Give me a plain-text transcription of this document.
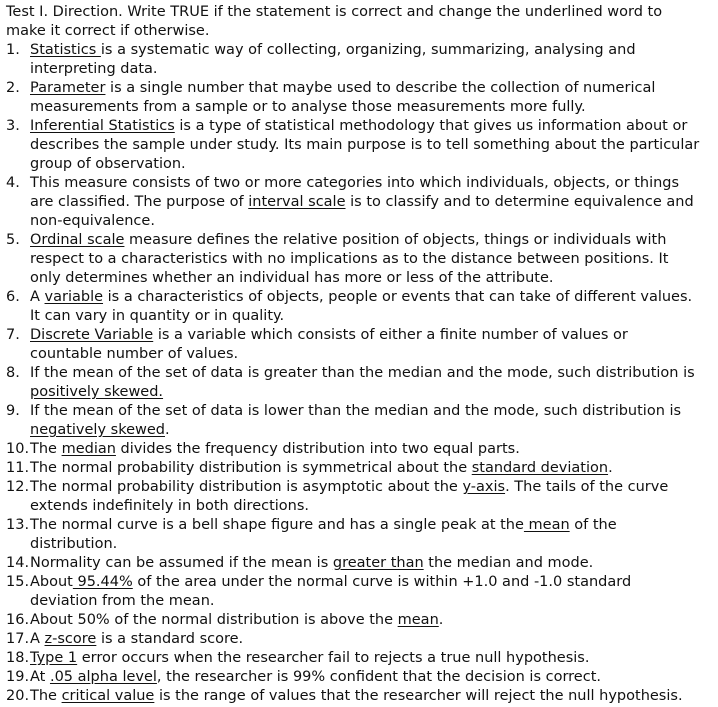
Test I. Direction. Write TRUE if the statement is correct and change the underlined word to make it correct if otherwise.

1. Statistics is a systematic way of collecting, organizing, summarizing, analysing and interpreting data.
2. Parameter is a single number that maybe used to describe the collection of numerical measurements from a sample or to analyse those measurements more fully.
3. Inferential Statistics is a type of statistical methodology that gives us information about or describes the sample under study. Its main purpose is to tell something about the particular group of observation.
4. This measure consists of two or more categories into which individuals, objects, or things are classified. The purpose of interval scale is to classify and to determine equivalence and non-equivalence.
5. Ordinal scale measure defines the relative position of objects, things or individuals with respect to a characteristics with no implications as to the distance between positions. It only determines whether an individual has more or less of the attribute.
6. A variable is a characteristics of objects, people or events that can take of different values. It can vary in quantity or in quality.
7. Discrete Variable is a variable which consists of either a finite number of values or countable number of values.
8. If the mean of the set of data is greater than the median and the mode, such distribution is positively skewed.
9. If the mean of the set of data is lower than the median and the mode, such distribution is negatively skewed.
10. The median divides the frequency distribution into two equal parts.
11. The normal probability distribution is symmetrical about the standard deviation.
12. The normal probability distribution is asymptotic about the y-axis. The tails of the curve extends indefinitely in both directions.
13. The normal curve is a bell shape figure and has a single peak at the mean of the distribution.
14. Normality can be assumed if the mean is greater than the median and mode.
15. About 95.44% of the area under the normal curve is within +1.0 and -1.0 standard deviation from the mean.
16. About 50% of the normal distribution is above the mean.
17. A z-score is a standard score.
18. Type 1 error occurs when the researcher fail to rejects a true null hypothesis.
19. At .05 alpha level, the researcher is 99% confident that the decision is correct.
20. The critical value is the range of values that the researcher will reject the null hypothesis.
